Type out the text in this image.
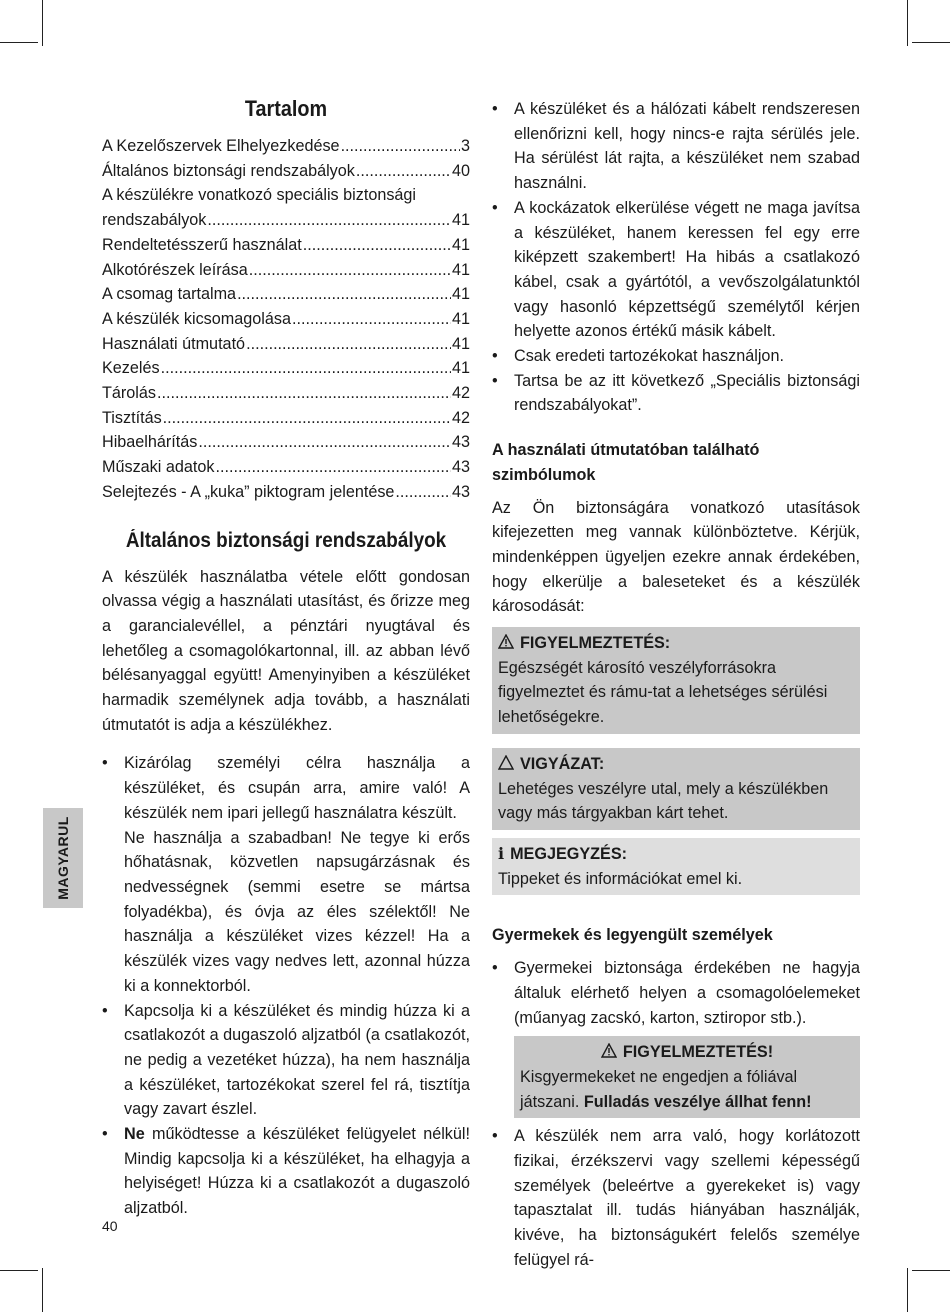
Tartalom
A Kezelőszervek Elhelyezkedése .....	3
Általános biztonsági rendszabályok .....	40
A készülékre vonatkozó speciális biztonsági
rendszabályok .....	41
Rendeltetésszerű használat .....	41
Alkotórészek leírása .....	41
A csomag tartalma .....	41
A készülék kicsomagolása .....	41
Használati útmutató .....	41
Kezelés .....	41
Tárolás .....	42
Tisztítás .....	42
Hibaelhárítás .....	43
Műszaki adatok .....	43
Selejtezés - A „kuka” piktogram jelentése .....	43
Általános biztonsági rendszabályok

A készülék használatba vétele előtt gondosan olvassa végig a használati utasítást, és őrizze meg a garancialevéllel, a pénztári nyugtával és lehetőleg a csomagolókartonnal, ill. az abban lévő bélésanyaggal együtt! Amenyinyiben a készüléket harmadik személynek adja tovább, a használati útmutatót is adja a készülékhez.

• Kizárólag személyi célra használja a készüléket, és csupán arra, amire való! A készülék nem ipari jellegű használatra készült.
Ne használja a szabadban! Ne tegye ki erős hőhatásnak, közvetlen napsugárzásnak és nedvességnek (semmi esetre se mártsa folyadékba), és óvja az éles szélektől! Ne használja a készüléket vizes kézzel! Ha a készülék vizes vagy nedves lett, azonnal húzza ki a konnektorból.
• Kapcsolja ki a készüléket és mindig húzza ki a csatlakozót a dugaszoló aljzatból (a csatlakozót, ne pedig a vezetéket húzza), ha nem használja a készüléket, tartozékokat szerel fel rá, tisztítja vagy zavart észlel.
• Ne működtesse a készüléket felügyelet nélkül! Mindig kapcsolja ki a készüléket, ha elhagyja a helyiséget! Húzza ki a csatlakozót a dugaszoló aljzatból.
• A készüléket és a hálózati kábelt rendszeresen ellenőrizni kell, hogy nincs-e rajta sérülés jele. Ha sérülést lát rajta, a készüléket nem szabad használni.
• A kockázatok elkerülése végett ne maga javítsa a készüléket, hanem keressen fel egy erre kiképzett szakembert! Ha hibás a csatlakozó kábel, csak a gyártótól, a vevőszolgálatunktól vagy hasonló képzettségű személytől kérjen helyette azonos értékű másik kábelt.
• Csak eredeti tartozékokat használjon.
• Tartsa be az itt következő „Speciális biztonsági rendszabályokat”.
A használati útmutatóban található szimbólumok

Az Ön biztonságára vonatkozó utasítások kifejezetten meg vannak különböztetve. Kérjük, mindenképpen ügyeljen ezekre annak érdekében, hogy elkerülje a baleseteket és a készülék károsodását:

FIGYELMEZTETÉS:
Egészségét károsító veszélyforrásokra figyelmeztet és rámu-tat a lehetséges sérülési lehetőségekre.
VIGYÁZAT:
Lehetéges veszélyre utal, mely a készülékben vagy más tárgyakban kárt tehet.
i MEGJEGYZÉS:
Tippeket és információkat emel ki.
Gyermekek és legyengült személyek
• Gyermekei biztonsága érdekében ne hagyja általuk elérhető helyen a csomagolóelemeket (műanyag zacskó, karton, sztiropor stb.).
FIGYELMEZTETÉS!
Kisgyermekeket ne engedjen a fóliával játszani. Fulladás veszélye állhat fenn!
• A készülék nem arra való, hogy korlátozott fizikai, érzékszervi vagy szellemi képességű személyek (beleértve a gyerekeket is) vagy tapasztalat ill. tudás hiányában használják, kivéve, ha biztonságukért felelős személye felügyel rá-
MAGYARUL
40
